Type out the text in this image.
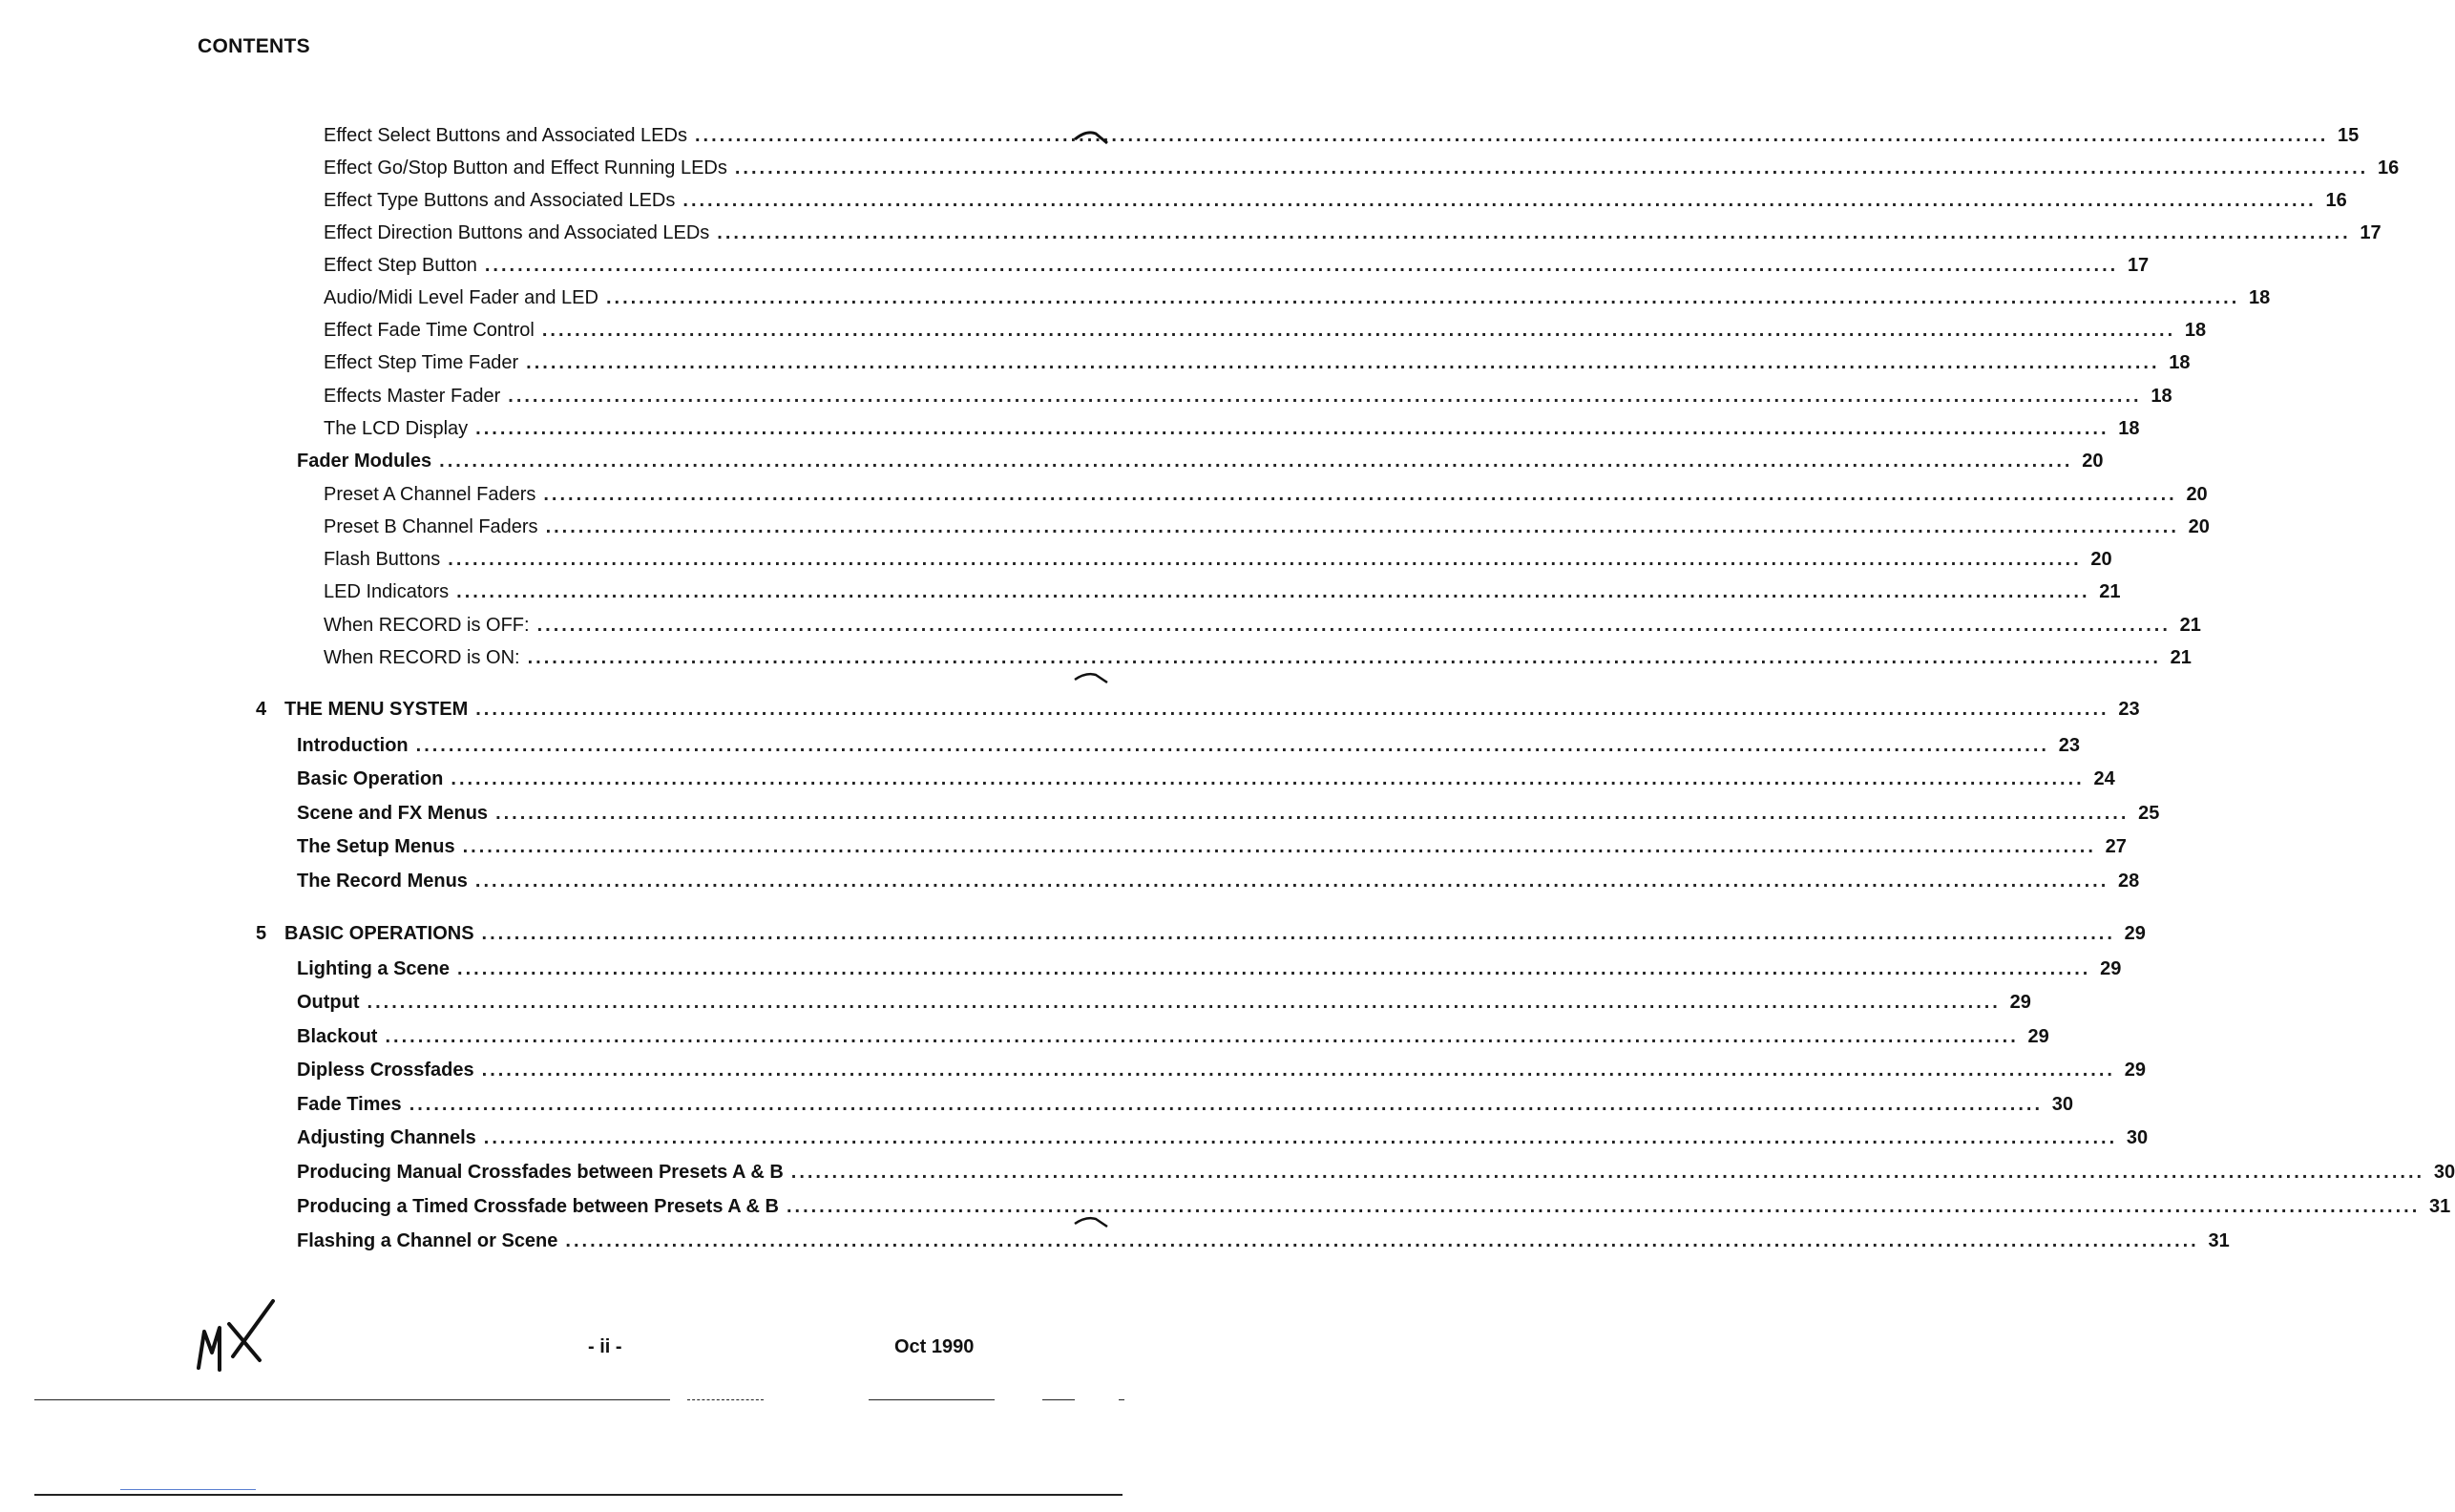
CONTENTS
Effect Select Buttons and Associated LEDs ........................................................................................................................................................................................................ 15
Effect Go/Stop Button and Effect Running LEDs ........................................................................................................................................................................................................ 16
Effect Type Buttons and Associated LEDs ........................................................................................................................................................................................................ 16
Effect Direction Buttons and Associated LEDs ........................................................................................................................................................................................................ 17
Effect Step Button ........................................................................................................................................................................................................ 17
Audio/Midi Level Fader and LED ........................................................................................................................................................................................................ 18
Effect Fade Time Control ........................................................................................................................................................................................................ 18
Effect Step Time Fader ........................................................................................................................................................................................................ 18
Effects Master Fader ........................................................................................................................................................................................................ 18
The LCD Display ........................................................................................................................................................................................................ 18
Fader Modules ........................................................................................................................................................................................................ 20
Preset A Channel Faders ........................................................................................................................................................................................................ 20
Preset B Channel Faders ........................................................................................................................................................................................................ 20
Flash Buttons ........................................................................................................................................................................................................ 20
LED Indicators ........................................................................................................................................................................................................ 21
When RECORD is OFF: ........................................................................................................................................................................................................ 21
When RECORD is ON: ........................................................................................................................................................................................................ 21
4 THE MENU SYSTEM ........................................................................................................................................................................................................ 23
Introduction ........................................................................................................................................................................................................ 23
Basic Operation ........................................................................................................................................................................................................ 24
Scene and FX Menus ........................................................................................................................................................................................................ 25
The Setup Menus ........................................................................................................................................................................................................ 27
The Record Menus ........................................................................................................................................................................................................ 28
5 BASIC OPERATIONS ........................................................................................................................................................................................................ 29
Lighting a Scene ........................................................................................................................................................................................................ 29
Output ........................................................................................................................................................................................................ 29
Blackout ........................................................................................................................................................................................................ 29
Dipless Crossfades ........................................................................................................................................................................................................ 29
Fade Times ........................................................................................................................................................................................................ 30
Adjusting Channels ........................................................................................................................................................................................................ 30
Producing Manual Crossfades between Presets A & B ........................................................................................................................................................................................................ 30
Producing a Timed Crossfade between Presets A & B ........................................................................................................................................................................................................ 31
Flashing a Channel or Scene ........................................................................................................................................................................................................ 31
- ii -	Oct 1990
